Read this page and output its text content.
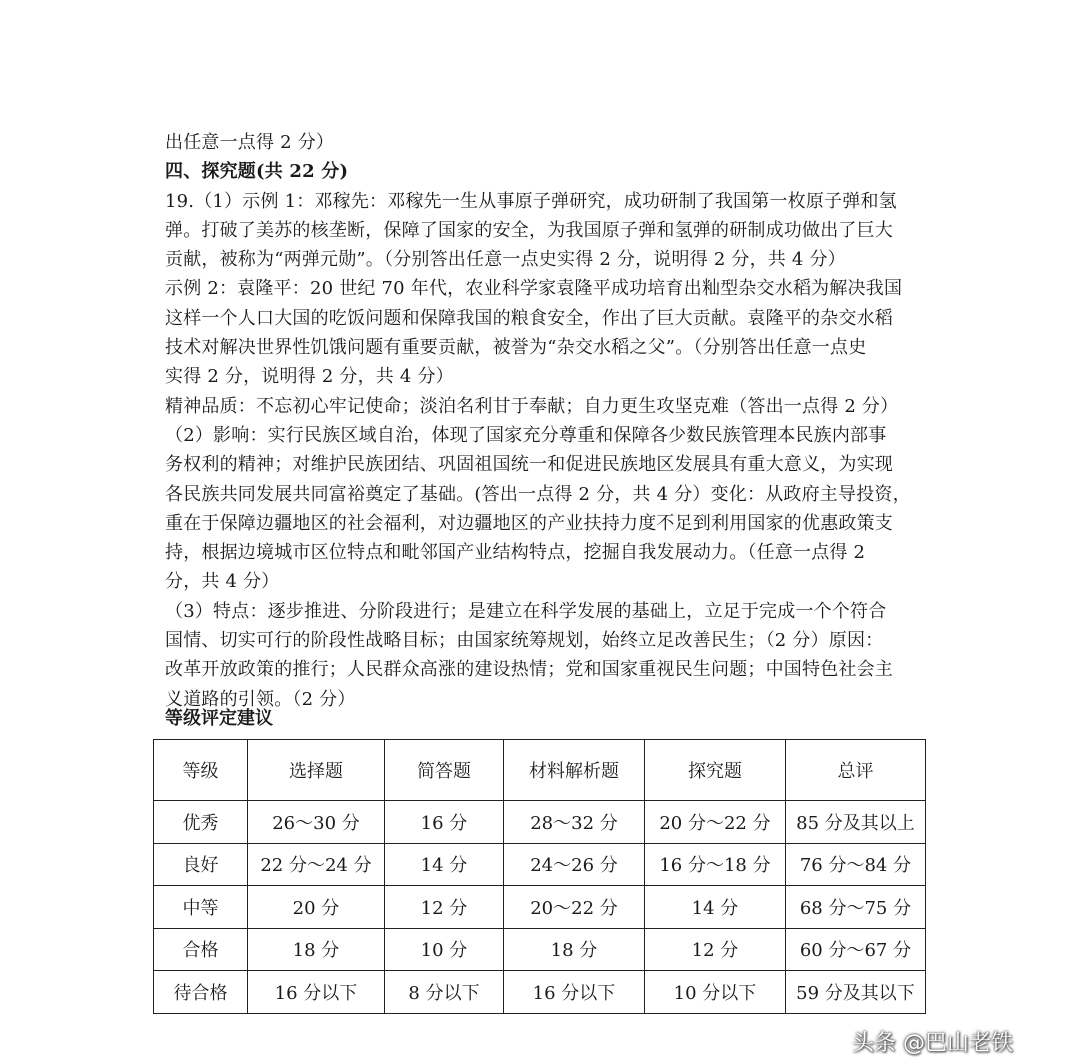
出任意一点得 2 分）
四、探究题(共 22 分)
19.（1）示例 1：邓稼先：邓稼先一生从事原子弹研究，成功研制了我国第一枚原子弹和氢
弹。打破了美苏的核垄断，保障了国家的安全，为我国原子弹和氢弹的研制成功做出了巨大
贡献，被称为“两弹元勋”。（分别答出任意一点史实得 2 分，说明得 2 分，共 4 分）
示例 2：袁隆平：20 世纪 70 年代，农业科学家袁隆平成功培育出籼型杂交水稻为解决我国
这样一个人口大国的吃饭问题和保障我国的粮食安全，作出了巨大贡献。袁隆平的杂交水稻
技术对解决世界性饥饿问题有重要贡献，被誉为“杂交水稻之父”。（分别答出任意一点史
实得 2 分，说明得 2 分，共 4 分）
精神品质：不忘初心牢记使命；淡泊名利甘于奉献；自力更生攻坚克难（答出一点得 2 分）
（2）影响：实行民族区域自治，体现了国家充分尊重和保障各少数民族管理本民族内部事
务权利的精神；对维护民族团结、巩固祖国统一和促进民族地区发展具有重大意义，为实现
各民族共同发展共同富裕奠定了基础。(答出一点得 2 分，共 4 分）变化：从政府主导投资，
重在于保障边疆地区的社会福利，对边疆地区的产业扶持力度不足到利用国家的优惠政策支
持，根据边境城市区位特点和毗邻国产业结构特点，挖掘自我发展动力。（任意一点得 2
分，共 4 分）
（3）特点：逐步推进、分阶段进行；是建立在科学发展的基础上，立足于完成一个个符合
国情、切实可行的阶段性战略目标；由国家统筹规划，始终立足改善民生；（2 分）原因：
改革开放政策的推行；人民群众高涨的建设热情；党和国家重视民生问题；中国特色社会主
义道路的引领。（2 分）
等级评定建议
等级	选择题	简答题	材料解析题	探究题	总评
优秀	26～30 分	16 分	28～32 分	20 分～22 分	85 分及其以上
良好	22 分～24 分	14 分	24～26 分	16 分～18 分	76 分～84 分
中等	20 分	12 分	20～22 分	14 分	68 分～75 分
合格	18 分	10 分	18 分	12 分	60 分～67 分
待合格	16 分以下	8 分以下	16 分以下	10 分以下	59 分及其以下
头条 @巴山老铁
